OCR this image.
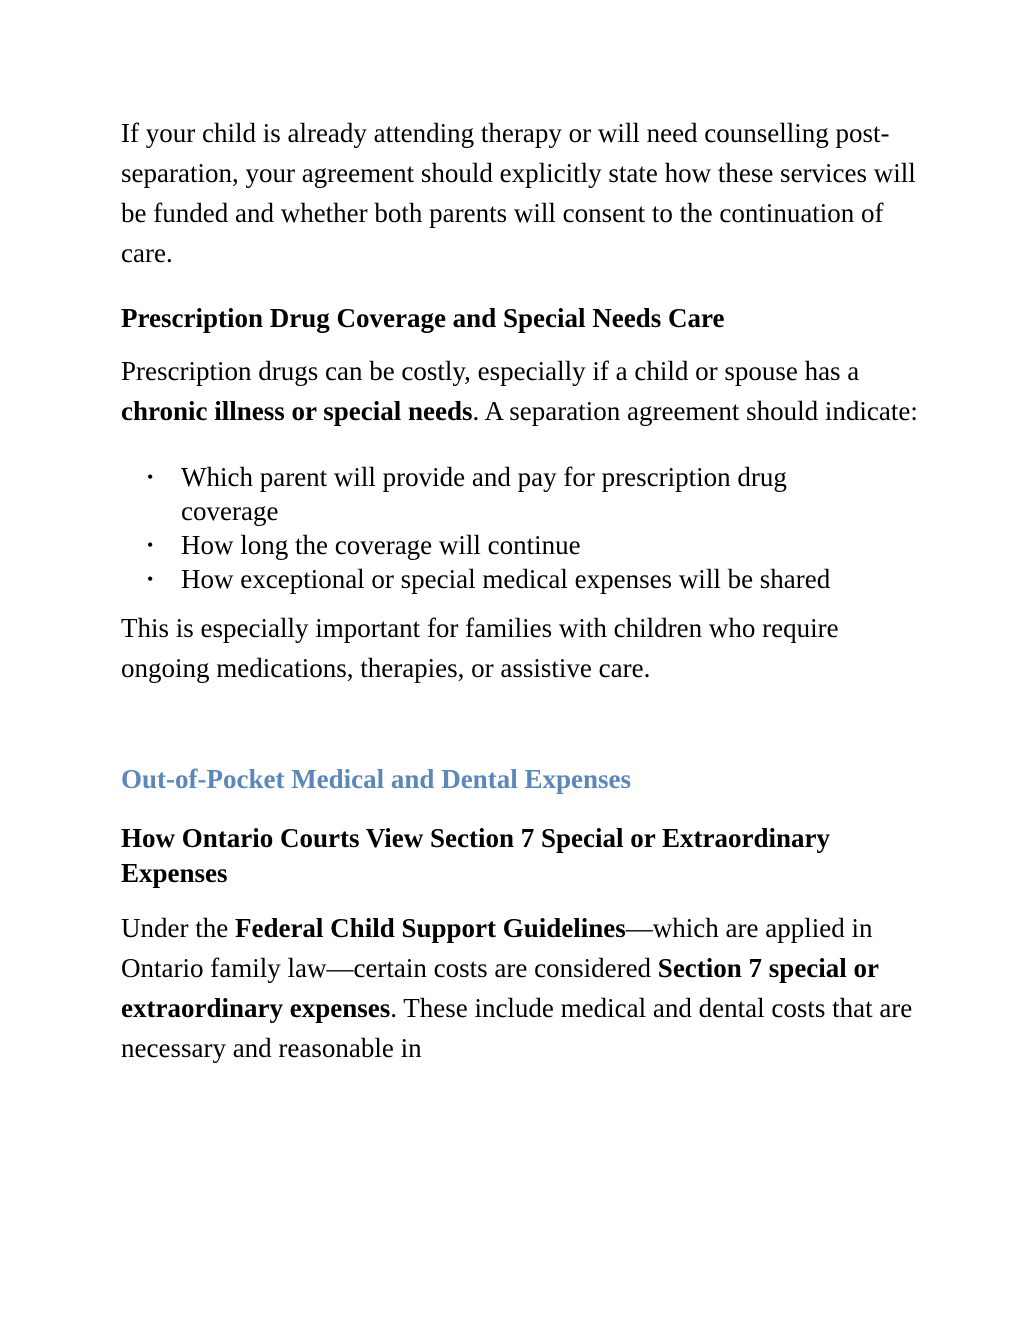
If your child is already attending therapy or will need counselling post-separation, your agreement should explicitly state how these services will be funded and whether both parents will consent to the continuation of care.

Prescription Drug Coverage and Special Needs Care

Prescription drugs can be costly, especially if a child or spouse has a chronic illness or special needs. A separation agreement should indicate:

• Which parent will provide and pay for prescription drug coverage
• How long the coverage will continue
• How exceptional or special medical expenses will be shared

This is especially important for families with children who require ongoing medications, therapies, or assistive care.

Out-of-Pocket Medical and Dental Expenses
How Ontario Courts View Section 7 Special or Extraordinary Expenses

Under the Federal Child Support Guidelines—which are applied in Ontario family law—certain costs are considered Section 7 special or extraordinary expenses. These include medical and dental costs that are necessary and reasonable in
